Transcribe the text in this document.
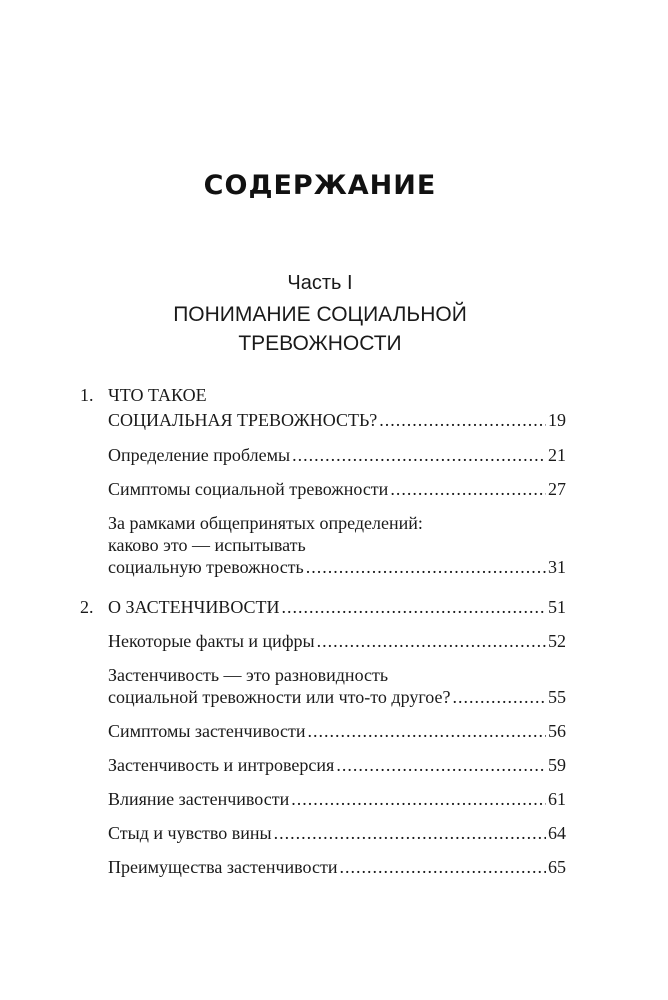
СОДЕРЖАНИЕ
Часть I
ПОНИМАНИЕ СОЦИАЛЬНОЙ
ТРЕВОЖНОСТИ
1. ЧТО ТАКОЕ
СОЦИАЛЬНАЯ ТРЕВОЖНОСТЬ? .....	19
Определение проблемы .....	21
Симптомы социальной тревожности .....	27
За рамками общепринятых определений:
каково это — испытывать
социальную тревожность .....	31
2. О ЗАСТЕНЧИВОСТИ .....	51
Некоторые факты и цифры .....	52
Застенчивость — это разновидность
социальной тревожности или что-то другое? .....	55
Симптомы застенчивости .....	56
Застенчивость и интроверсия .....	59
Влияние застенчивости .....	61
Стыд и чувство вины .....	64
Преимущества застенчивости .....	65
